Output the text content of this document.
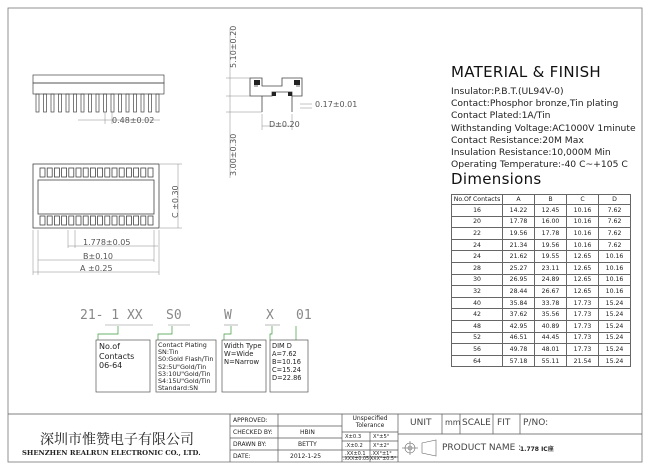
0.48±0.02
5.10±0.20
3.00±0.30
0.17±0.01
D±0.20
C ±0.30
1.778±0.05
B±0.10
A ±0.25
MATERIAL & FINISH
Insulator:P.B.T.(UL94V-0)
Contact:Phosphor bronze,Tin plating
Contact Plated:1A/Tin
Withstanding Voltage:AC1000V 1minute
Contact Resistance:20M Max
Insulation Resistance:10,000M Min
Operating Temperature:-40 C~+105 C
Dimensions
No.Of Contacts	A	B	C	D
16	14.22	12.45	10.16	7.62
20	17.78	16.00	10.16	7.62
22	19.56	17.78	10.16	7.62
24	21.34	19.56	10.16	7.62
24	21.62	19.55	12.65	10.16
28	25.27	23.11	12.65	10.16
30	26.95	24.89	12.65	10.16
32	28.44	26.67	12.65	10.16
40	35.84	33.78	17.73	15.24
42	37.62	35.56	17.73	15.24
48	42.95	40.89	17.73	15.24
52	46.51	44.45	17.73	15.24
56	49.78	48.01	17.73	15.24
64	57.18	55.11	21.54	15.24
21- 1 XX S0	W	X 01
No.of
Contacts
06-64
Contact Plating
SN:Tin
S0:Gold Flash/Tin
S2:5U"Gold/Tin
S3:10U"Gold/Tin
S4:15U"Gold/Tin
Standard:SN
Width Type
W=Wide
N=Narrow
DIM D
A=7.62
B=10.16
C=15.24
D=22.86
深圳市惟赞电子有限公司
SHENZHEN REALRUN ELECTRONIC CO., LTD.
APPROVED:
CHECKED BY:	HBIN
DRAWN BY:	BETTY
DATE:	2012-1-25
Unspecified
Tolerance
X±0.3 X°±5°
.X±0.2 X°±2°
.XX±0.1 .XX°±1°
.XXX±0.05 XXX°±0.5°
UNIT mm SCALE FIT P/NO:
PRODUCT NAME :
1.778 IC座
